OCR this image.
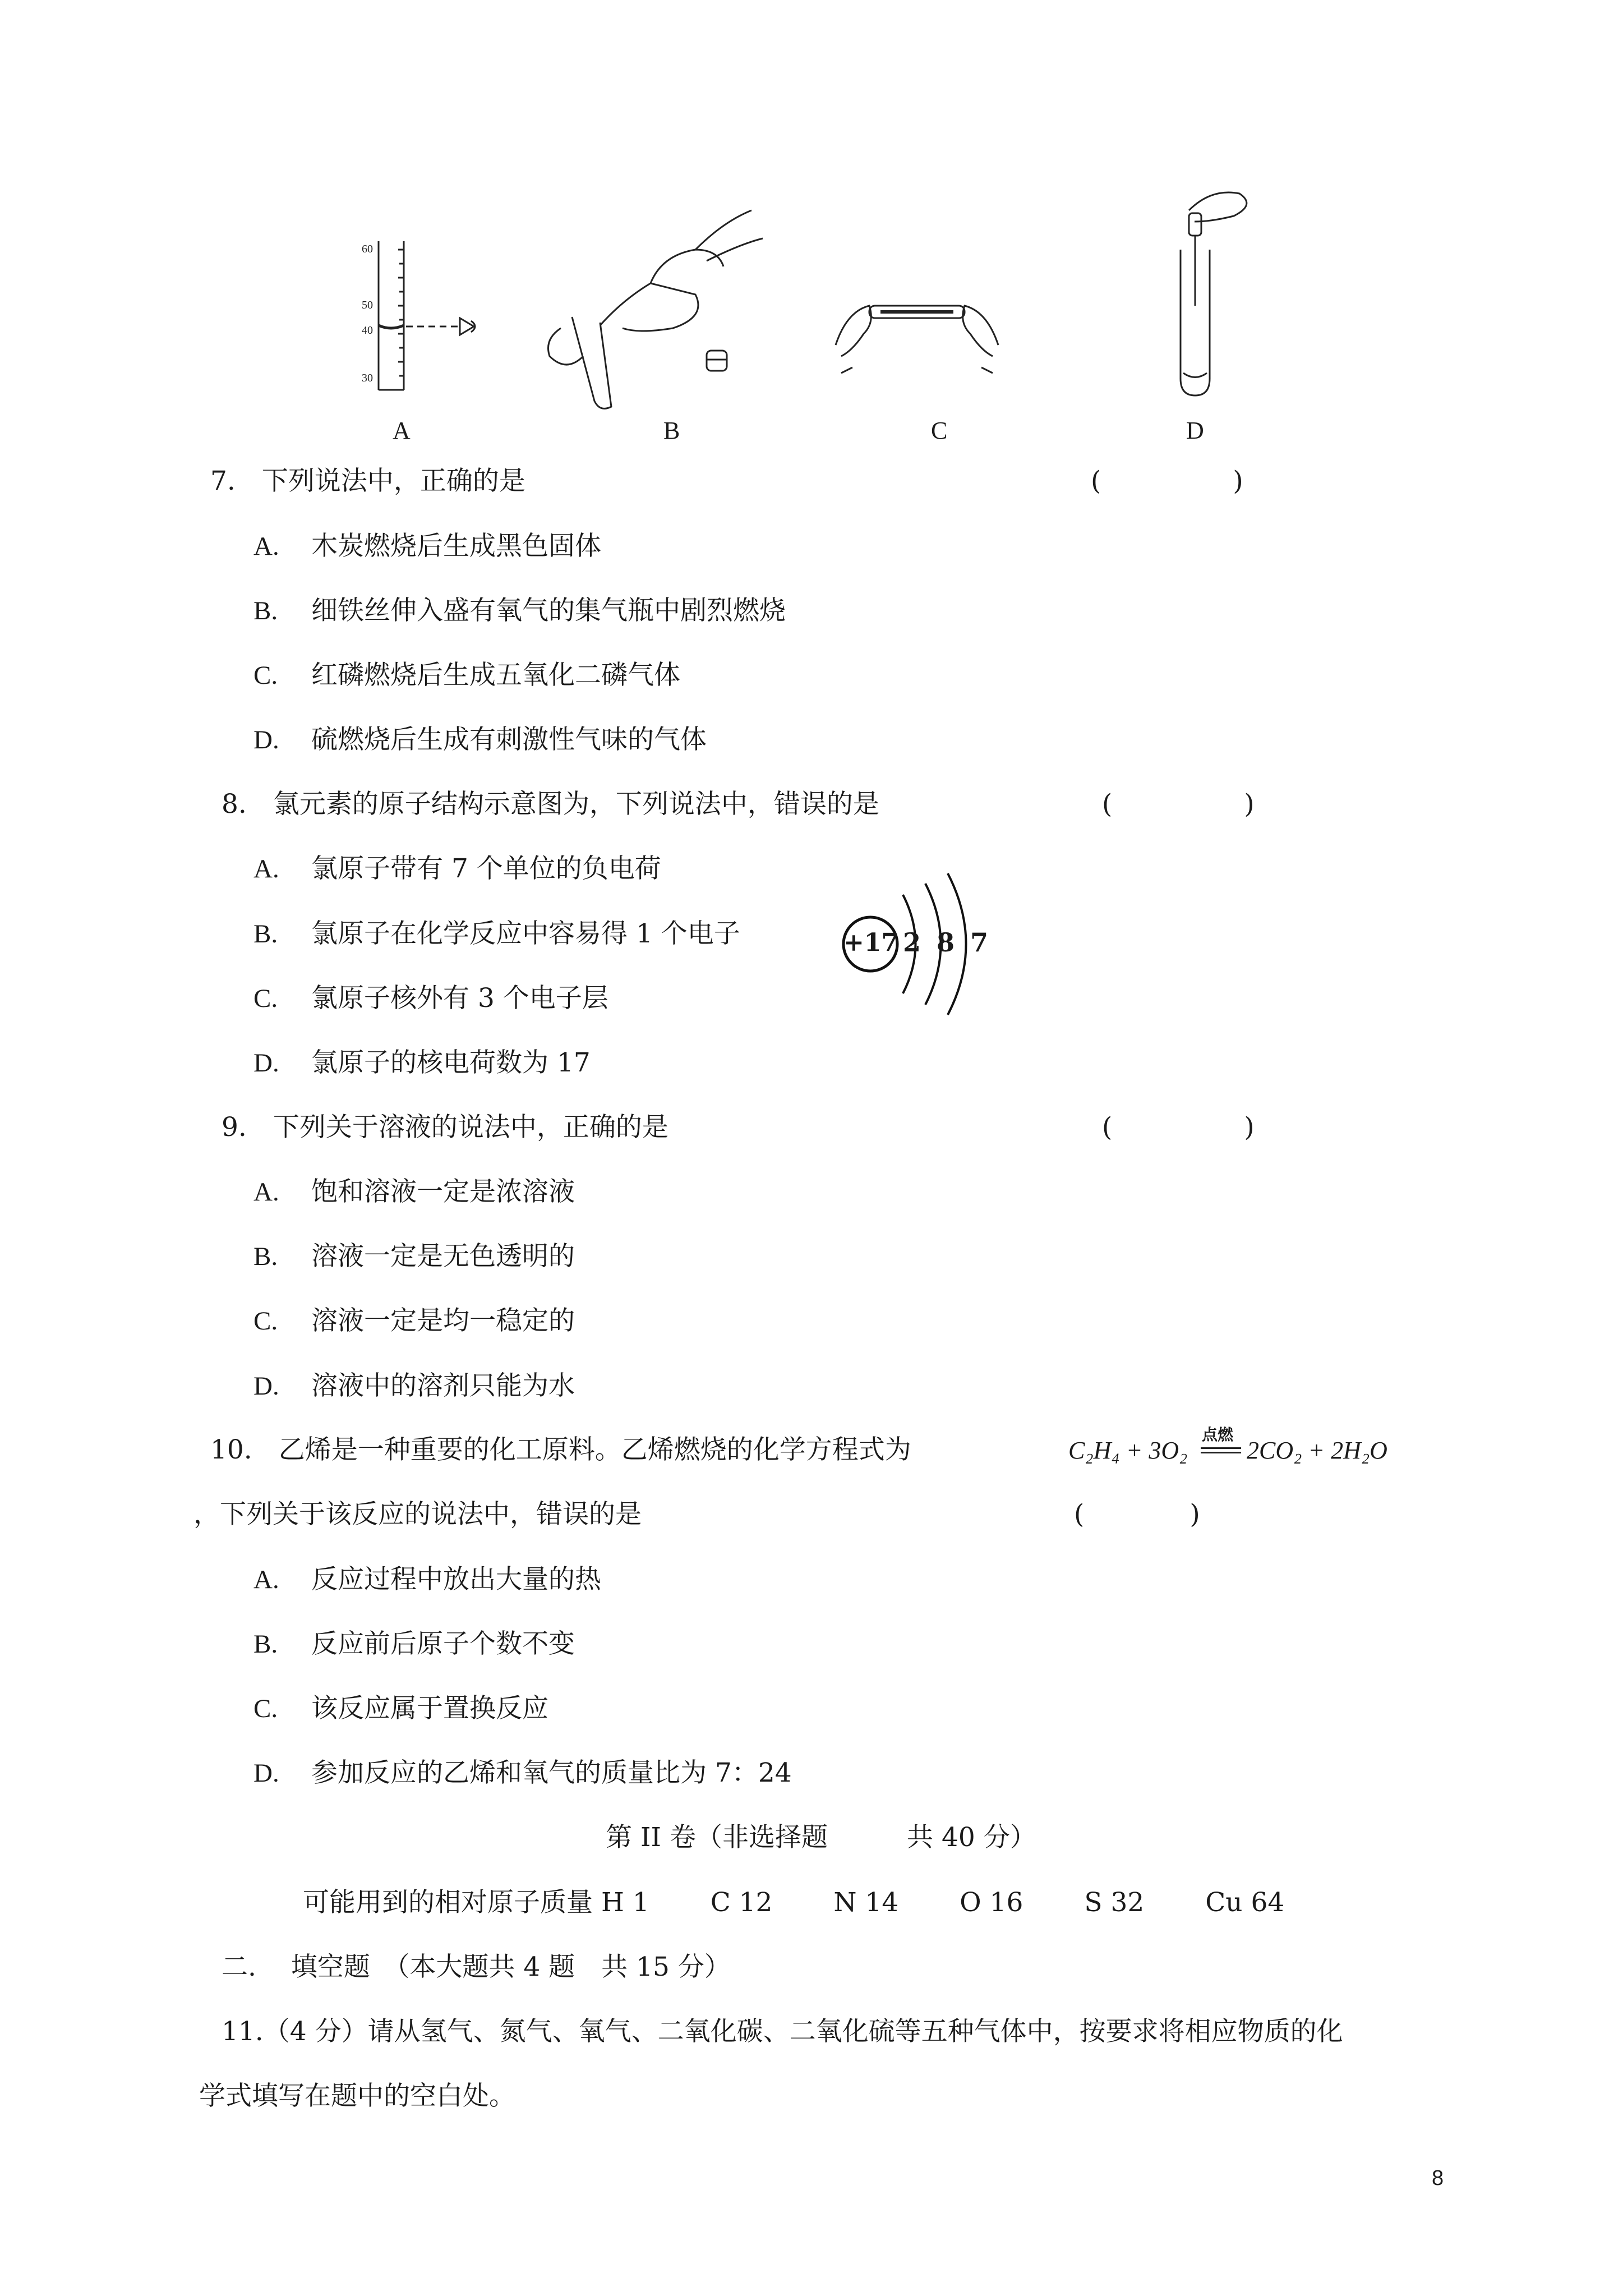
60
50
40
30
A	B	C	D
7.　下列说法中，正确的是	(　　　　　)
A. 木炭燃烧后生成黑色固体
B. 细铁丝伸入盛有氧气的集气瓶中剧烈燃烧
C. 红磷燃烧后生成五氧化二磷气体
D. 硫燃烧后生成有刺激性气味的气体
8.　氯元素的原子结构示意图为，下列说法中，错误的是	(　　　　　)
A. 氯原子带有 7 个单位的负电荷
B. 氯原子在化学反应中容易得 1 个电子
C. 氯原子核外有 3 个电子层
D. 氯原子的核电荷数为 17
+17 2 8 7
9.　下列关于溶液的说法中，正确的是	(　　　　　)
A. 饱和溶液一定是浓溶液
B. 溶液一定是无色透明的
C. 溶液一定是均一稳定的
D. 溶液中的溶剂只能为水
10.　乙烯是一种重要的化工原料。乙烯燃烧的化学方程式为	C₂H₄ + 3O₂
点燃
2CO₂ + 2H₂O
，下列关于该反应的说法中，错误的是	(　　　　)
A. 反应过程中放出大量的热
B. 反应前后原子个数不变
C. 该反应属于置换反应
D. 参加反应的乙烯和氧气的质量比为 7：24
第 II 卷（非选择题　　　共 40 分）
可能用到的相对原子质量 H 1　　 C 12　　 N 14　　 O 16　　 S 32　　 Cu 64
二.　 填空题　（本大题共 4 题　共 15 分）
11.（4 分）请从氢气、氮气、氧气、二氧化碳、二氧化硫等五种气体中，按要求将相应物质的化
学式填写在题中的空白处。
8
